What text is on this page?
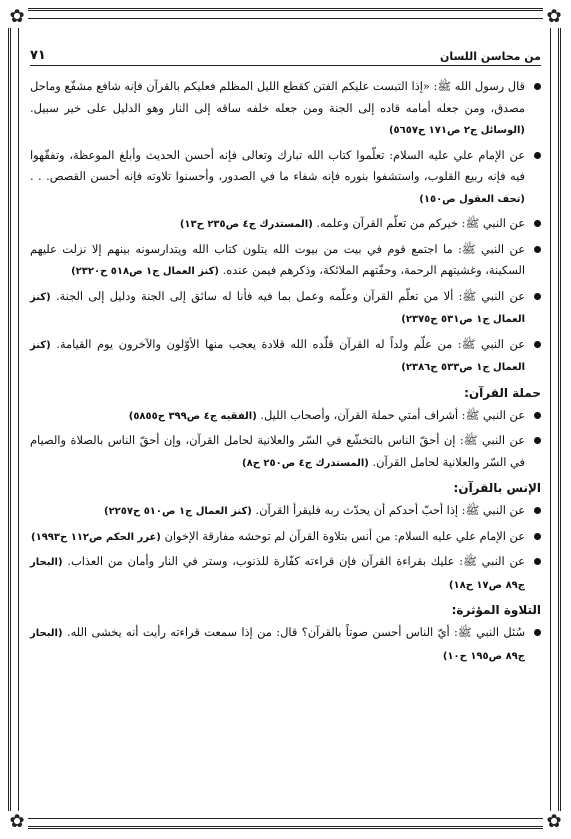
✿	✿
✿	✿
من محاسن اللسان
٧١
قال رسول الله ﷺ: «إذا التبست عليكم الفتن كقطع الليل المظلم فعليكم بالقرآن فإنه شافع مشفّع وماحل مصدق، ومن جعله أمامه قاده إلى الجنة ومن جعله خلفه ساقه إلى النار وهو الدليل على خير سبيل. (الوسائل ج٢ ص١٧١ ح٥٦٥٧)
عن الإمام علي عليه السلام: تعلّموا كتاب الله تبارك وتعالى فإنه أحسن الحديث وأبلغ الموعظة، وتفقّهوا فيه فإنه ربيع القلوب، واستشفوا بنوره فإنه شفاء ما في الصدور، وأحسنوا تلاوته فإنه أحسن القصص. . . (تحف العقول ص١٥٠)
عن النبي ﷺ: خيركم من تعلّم القرآن وعلمه. (المستدرك ج٤ ص٢٣٥ ح١٣)
عن النبي ﷺ: ما اجتمع قوم في بيت من بيوت الله يتلون كتاب الله ويتدارسونه بينهم إلا نزلت عليهم السكينة، وغشيتهم الرحمة، وحفّتهم الملائكة، وذكرهم فيمن عنده. (كنز العمال ج١ ص٥١٨ ح٢٣٢٠)
عن النبي ﷺ: ألا من تعلّم القرآن وعلّمه وعمل بما فيه فأنا له سائق إلى الجنة ودليل إلى الجنة. (كنز العمال ج١ ص٥٣١ ح٢٣٧٥)
عن النبي ﷺ: من علّم ولداً له القرآن قلّده الله قلادة يعجب منها الأوّلون والآخرون يوم القيامة. (كنز العمال ج١ ص٥٣٣ ح٢٣٨٦)
حملة القرآن:
عن النبي ﷺ: أشراف أمتي حملة القرآن، وأصحاب الليل. (الفقيه ج٤ ص٣٩٩ ح٥٨٥٥)
عن النبي ﷺ: إن أحقّ الناس بالتخشّع في السّر والعلانية لحامل القرآن، وإن أحقّ الناس بالصلاة والصيام في السّر والعلانية لحامل القرآن. (المستدرك ج٤ ص٢٥٠ ح٨)
الإنس بالقرآن:
عن النبي ﷺ: إذا أحبّ أحدكم أن يحدّث ربه فليقرأ القرآن. (كنز العمال ج١ ص٥١٠ ح٢٢٥٧)
عن الإمام علي عليه السلام: من أنس بتلاوة القرآن لم توحشه مفارقة الإخوان (غرر الحكم ص١١٢ ح١٩٩٣)
عن النبي ﷺ: عليك بقراءة القرآن فإن قراءته كفّارة للذنوب، وستر في النار وأمان من العذاب. (البحار ج٨٩ ص١٧ ح١٨)
التلاوة المؤثرة:
سُئل النبي ﷺ: أيّ الناس أحسن صوتاً بالقرآن؟ قال: من إذا سمعت قراءته رأيت أنه يخشى الله. (البحار ج٨٩ ص١٩٥ ح١٠)
